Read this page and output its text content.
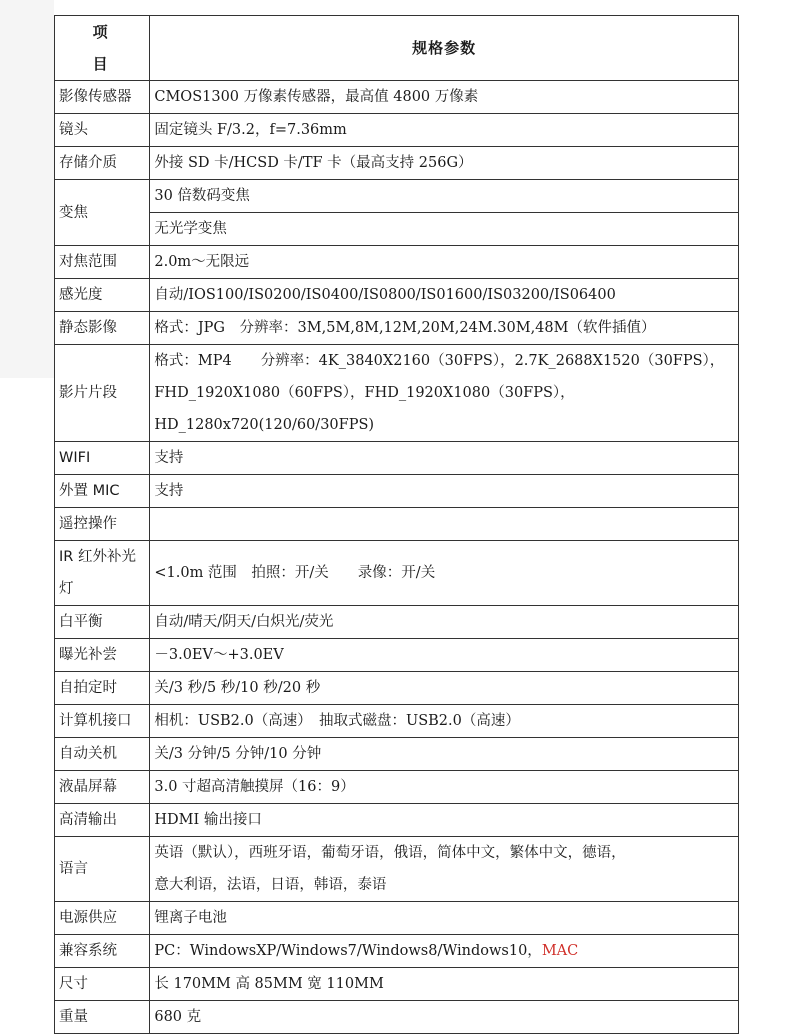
项　目	规格参数
影像传感器	CMOS1300 万像素传感器，最高值 4800 万像素
镜头	固定镜头 F/3.2，f=7.36mm
存储介质	外接 SD 卡/HCSD 卡/TF 卡（最高支持 256G）
变焦	30 倍数码变焦
	无光学变焦
对焦范围	2.0m～无限远
感光度	自动/IOS100/IS0200/IS0400/IS0800/IS01600/IS03200/IS06400
静态影像	格式：JPG　分辨率：3M,5M,8M,12M,20M,24M.30M,48M（软件插值）
影片片段	格式：MP4　　分辨率：4K_3840X2160（30FPS），2.7K_2688X1520（30FPS），
FHD_1920X1080（60FPS），FHD_1920X1080（30FPS），
HD_1280x720(120/60/30FPS)

WIFI	支持
外置 MIC	支持
遥控操作	
IR 红外补光灯	<1.0m 范围　拍照：开/关　　录像：开/关
白平衡	自动/晴天/阴天/白炽光/荧光
曝光补尝	－3.0EV～+3.0EV
自拍定时	关/3 秒/5 秒/10 秒/20 秒
计算机接口	相机：USB2.0（高速）　抽取式磁盘：USB2.0（高速）
自动关机	关/3 分钟/5 分钟/10 分钟
液晶屏幕	3.0 寸超高清触摸屏（16：9）
高清输出	HDMI 输出接口
语言	英语（默认），西班牙语，葡萄牙语，俄语，简体中文，繁体中文，德语，
意大利语，法语，日语，韩语，泰语

电源供应	锂离子电池
兼容系统	PC：WindowsXP/Windows7/Windows8/Windows10，MAC
尺寸	长 170MM 高 85MM 宽 110MM
重量	680 克
